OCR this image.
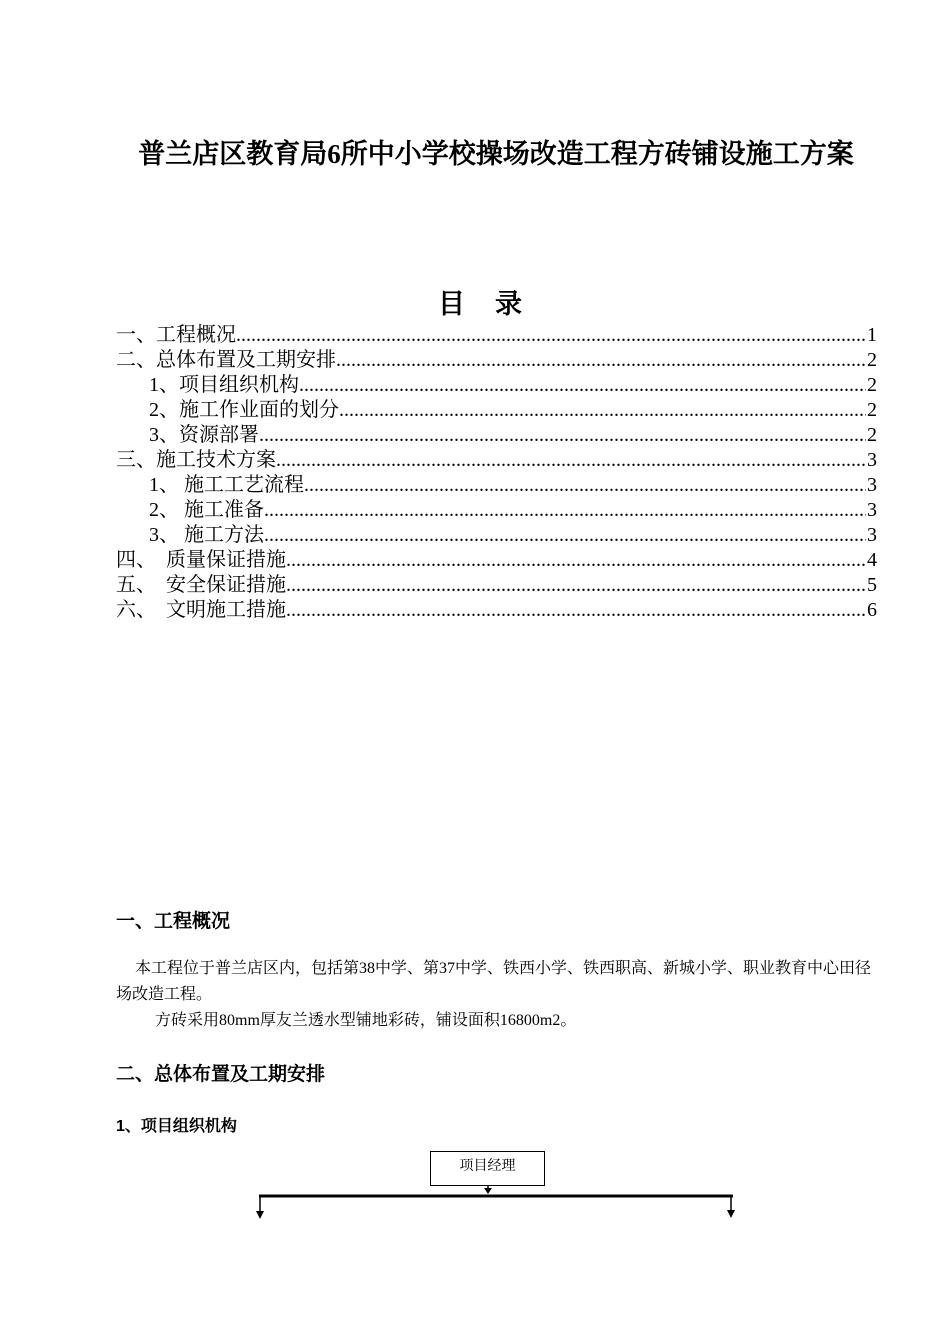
普兰店区教育局6所中小学校操场改造工程方砖铺设施工方案
目录
一、工程概况 .....	1
二、总体布置及工期安排 .....	2
1、项目组织机构 .....	2
2、施工作业面的划分 .....	2
3、资源部署 .....	2
三、施工技术方案 .....	3
1、 施工工艺流程 .....	3
2、 施工准备 .....	3
3、 施工方法 .....	3
四、  质量保证措施 .....	4
五、  安全保证措施 .....	5
六、  文明施工措施 .....	6
一、工程概况
本工程位于普兰店区内，包括第38中学、第37中学、铁西小学、铁西职高、新城小学、职业教育中心田径场改造工程。
方砖采用80mm厚友兰透水型铺地彩砖，铺设面积16800m2。
二、总体布置及工期安排
1、项目组织机构
项目经理
